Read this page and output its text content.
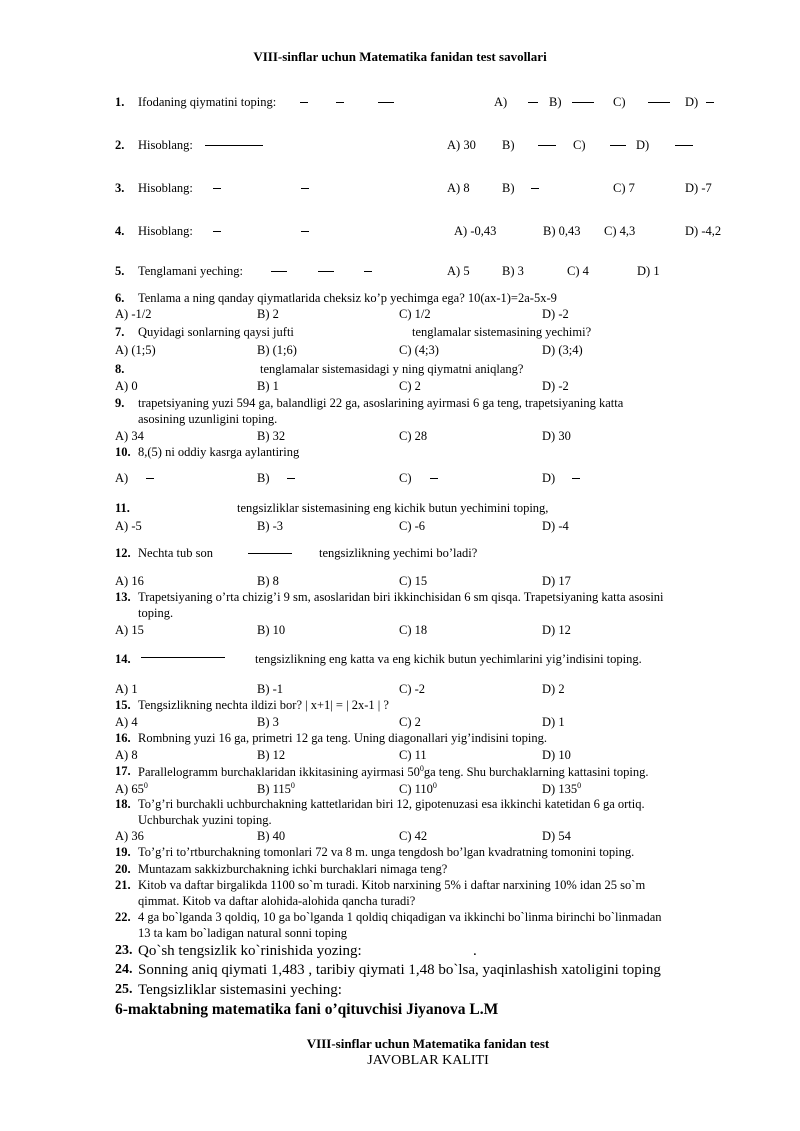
VIII-sinflar uchun Matematika fanidan test savollari
1. Ifodaning qiymatini toping:	A)	B)	C)	D)
2. Hisoblang:	A) 30 B)	C)	D)
3. Hisoblang:	A) 8	B)	C) 7	D) -7
4. Hisoblang:	A) -0,43	B) 0,43 C) 4,3	D) -4,2
5. Tenglamani yeching:	A) 5	B) 3	C) 4	D) 1
6. Tenlama a ning qanday qiymatlarida cheksiz ko’p yechimga ega? 10(ax-1)=2a-5x-9
A) -1/2	B) 2	C) 1/2	D) -2
7. Quyidagi sonlarning qaysi jufti	tenglamalar sistemasining yechimi?
A) (1;5)	B) (1;6)	C) (4;3)	D) (3;4)
8.	tenglamalar sistemasidagi y ning qiymatni aniqlang?
A) 0	B) 1	C) 2	D) -2
9. trapetsiyaning yuzi 594 ga, balandligi 22 ga, asoslarining ayirmasi 6 ga teng, trapetsiyaning katta
asosining uzunligini toping.
A) 34	B) 32	C) 28	D) 30
10. 8,(5) ni oddiy kasrga aylantiring
A)	B)	C)	D)
11.	tengsizliklar sistemasining eng kichik butun yechimini toping,
A) -5	B) -3	C) -6	D) -4
12. Nechta tub son	tengsizlikning yechimi bo’ladi?
A) 16	B) 8	C) 15	D) 17
13. Trapetsiyaning o’rta chizig’i 9 sm, asoslaridan biri ikkinchisidan 6 sm qisqa. Trapetsiyaning katta asosini
toping.
A) 15	B) 10	C) 18	D) 12
14.	tengsizlikning eng katta va eng kichik butun yechimlarini yig’indisini toping.
A) 1	B) -1	C) -2	D) 2
15. Tengsizlikning nechta ildizi bor? | x+1| = | 2x-1 | ?
A) 4	B) 3	C) 2	D) 1
16. Rombning yuzi 16 ga, primetri 12 ga teng. Uning diagonallari yig’indisini toping.
A) 8	B) 12	C) 11	D) 10
17. Parallelogramm burchaklaridan ikkitasining ayirmasi $50^0ga$ teng. Shu burchaklarning kattasini toping.
A) $65^0$	B) $115^0$	C) $110^0$	D) $135^0$
18. To’g’ri burchakli uchburchakning kattetlaridan biri 12, gipotenuzasi esa ikkinchi katetidan 6 ga ortiq.
Uchburchak yuzini toping.
A) 36	B) 40	C) 42	D) 54
19. To’g’ri to’rtburchakning tomonlari 72 va 8 m. unga tengdosh bo’lgan kvadratning tomonini toping.
20. Muntazam sakkizburchakning ichki burchaklari nimaga teng?
21. Kitob va daftar birgalikda 1100 so`m turadi. Kitob narxining 5% i daftar narxining 10% idan 25 so`m
qimmat. Kitob va daftar alohida-alohida qancha turadi?
22. 4 ga bo`lganda 3 qoldiq, 10 ga bo`lganda 1 qoldiq chiqadigan va ikkinchi bo`linma birinchi bo`linmadan
13 ta kam bo`ladigan natural sonni toping
23. Qo`sh tengsizlik ko`rinishida yozing:	.
24. Sonning aniq qiymati 1,483 , taribiy qiymati 1,48 bo`lsa, yaqinlashish xatoligini toping
25. Tengsizliklar sistemasini yeching:
6-maktabning matematika fani o’qituvchisi Jiyanova L.M
VIII-sinflar uchun Matematika fanidan test
JAVOBLAR KALITI
